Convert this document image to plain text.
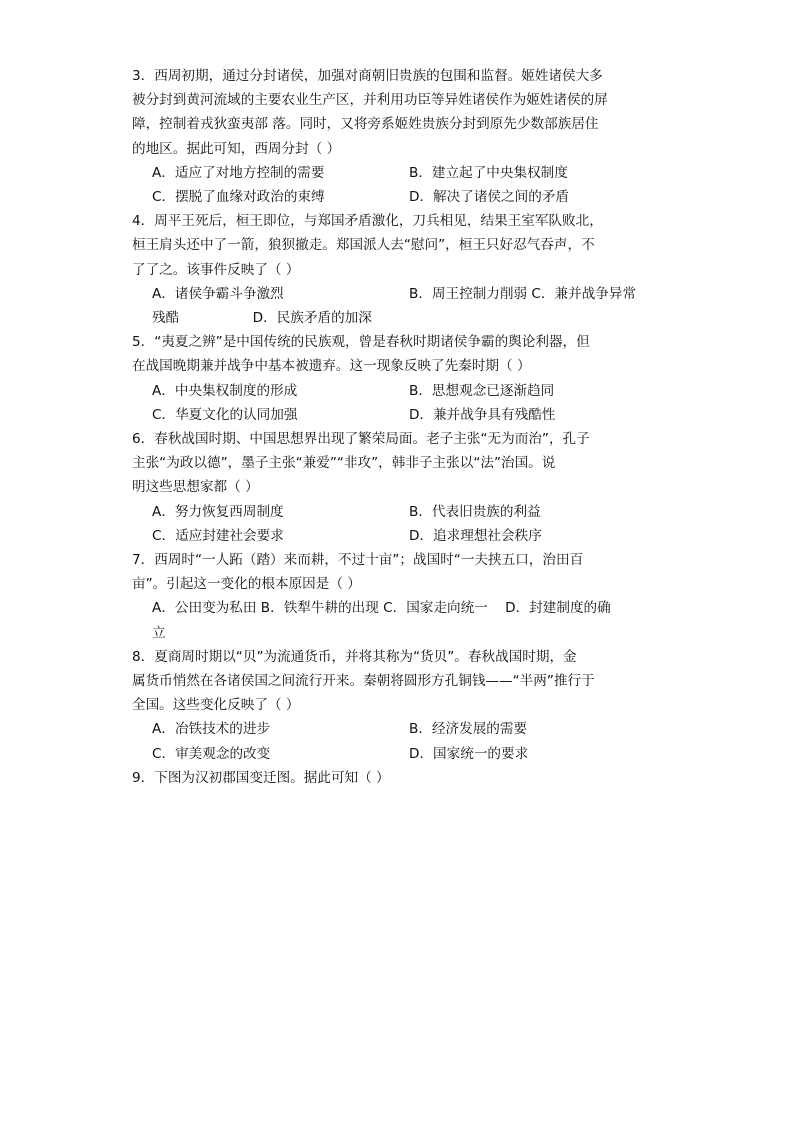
3．西周初期，通过分封诸侯，加强对商朝旧贵族的包围和监督。姬姓诸侯大多

被分封到黄河流域的主要农业生产区，并利用功臣等异姓诸侯作为姬姓诸侯的屏

障，控制着戎狄蛮夷部 落。同时，又将旁系姬姓贵族分封到原先少数部族居住

的地区。据此可知，西周分封（ ）

A．适应了对地方控制的需要	B．建立起了中央集权制度
C．摆脱了血缘对政治的束缚	D．解决了诸侯之间的矛盾

4．周平王死后，桓王即位，与郑国矛盾激化，刀兵相见，结果王室军队败北，

桓王肩头还中了一箭，狼狈撤走。郑国派人去“慰问”，桓王只好忍气吞声，不

了了之。该事件反映了（ ）

A．诸侯争霸斗争激烈	B．周王控制力削弱 C．兼并战争异常

残酷                 D．民族矛盾的加深

5．“夷夏之辨”是中国传统的民族观，曾是春秋时期诸侯争霸的舆论利器，但

在战国晚期兼并战争中基本被遗弃。这一现象反映了先秦时期（ ）

A．中央集权制度的形成	B．思想观念已逐渐趋同
C．华夏文化的认同加强	D．兼并战争具有残酷性

6．春秋战国时期、中国思想界出现了繁荣局面。老子主张“无为而治”，孔子

主张“为政以德”，墨子主张“兼爱”“非攻”，韩非子主张以“法”治国。说

明这些思想家都（ ）

A．努力恢复西周制度	B．代表旧贵族的利益
C．适应封建社会要求	D．追求理想社会秩序

7．西周时“一人跖（踏）来而耕，不过十亩”；战国时“一夫挟五口，治田百

亩”。引起这一变化的根本原因是（ ）

A．公田变为私田 B．铁犁牛耕的出现 C．国家走向统一    D．封建制度的确

立

8．夏商周时期以“贝”为流通货币，并将其称为“货贝”。春秋战国时期，金

属货币悄然在各诸侯国之间流行开来。秦朝将圆形方孔铜钱——“半两”推行于

全国。这些变化反映了（ ）

A．冶铁技术的进步	B．经济发展的需要
C．审美观念的改变	D．国家统一的要求

9．下图为汉初郡国变迁图。据此可知（ ）
